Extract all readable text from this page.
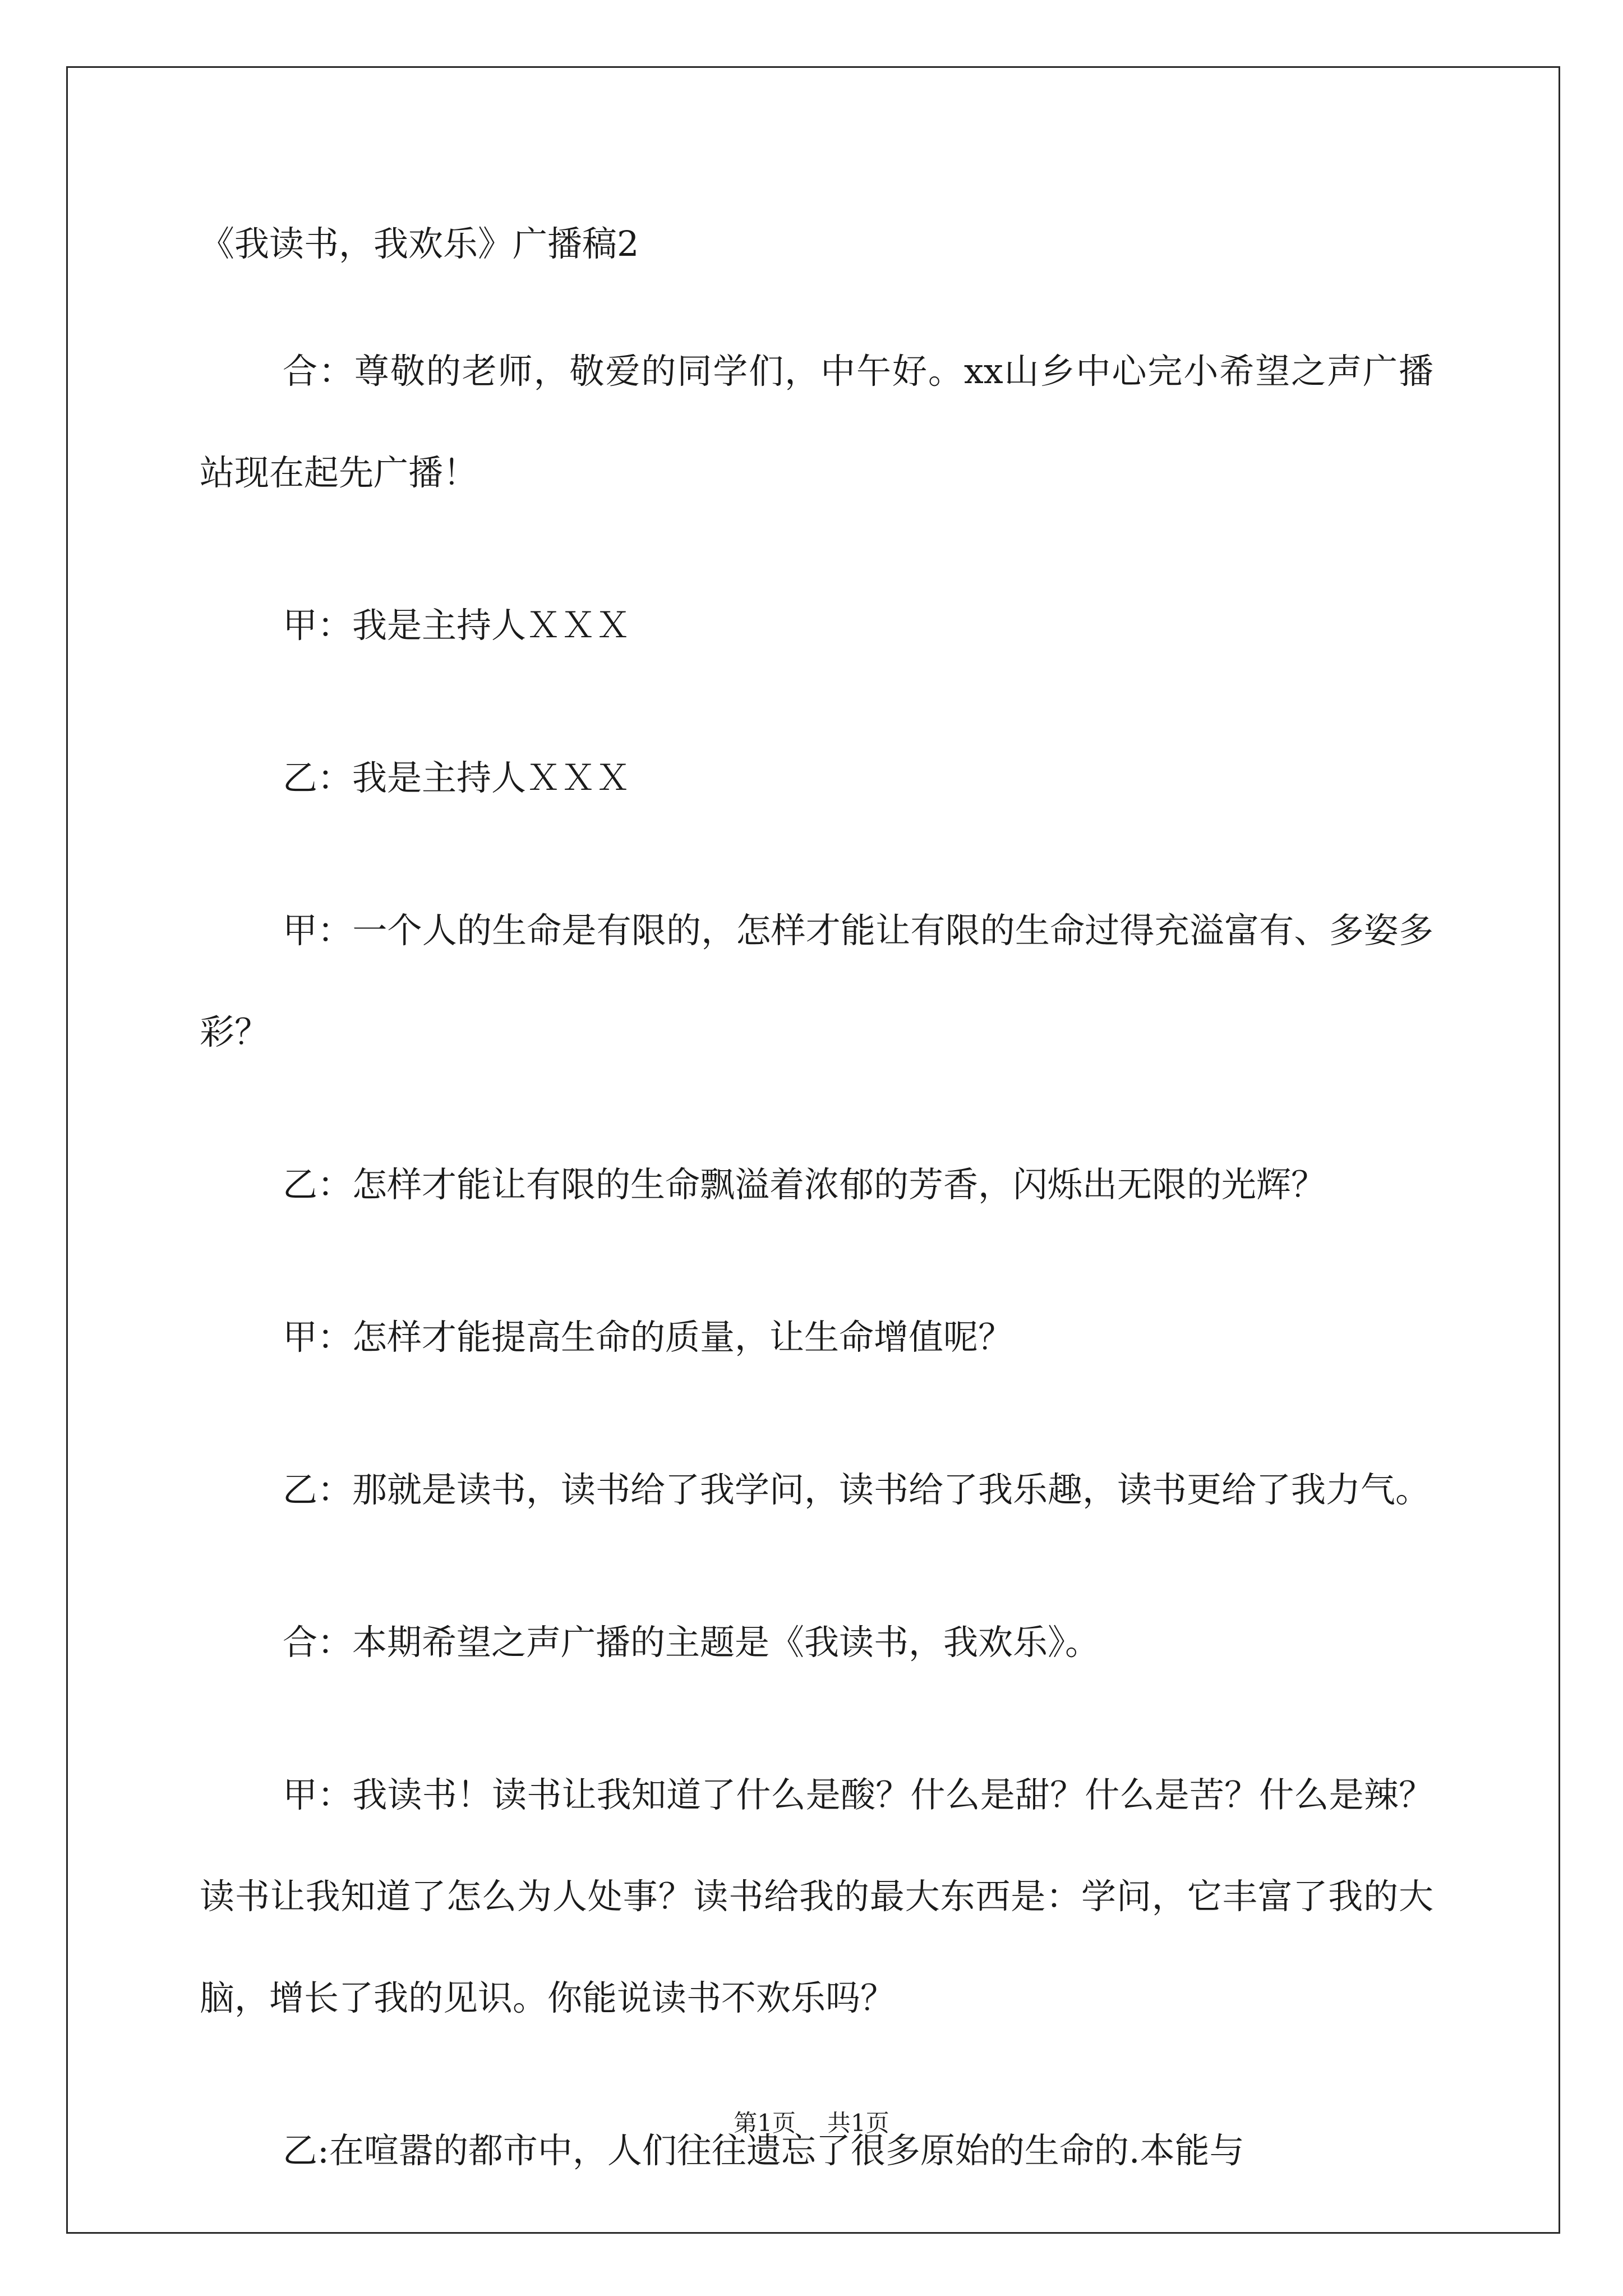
《我读书，我欢乐》广播稿2

合：尊敬的老师，敬爱的同学们，中午好。xx山乡中心完小希望之声广播站现在起先广播！

甲：我是主持人ＸＸＸ

乙：我是主持人ＸＸＸ

甲：一个人的生命是有限的，怎样才能让有限的生命过得充溢富有、多姿多彩？

乙：怎样才能让有限的生命飘溢着浓郁的芳香，闪烁出无限的光辉？

甲：怎样才能提高生命的质量，让生命增值呢？

乙：那就是读书，读书给了我学问，读书给了我乐趣，读书更给了我力气。

合：本期希望之声广播的主题是《我读书，我欢乐》。

甲：我读书！读书让我知道了什么是酸？什么是甜？什么是苦？什么是辣？读书让我知道了怎么为人处事？读书给我的最大东西是：学问，它丰富了我的大脑，增长了我的见识。你能说读书不欢乐吗？

乙:在喧嚣的都市中，人们往往遗忘了很多原始的生命的.本能与

第1页 共1页
